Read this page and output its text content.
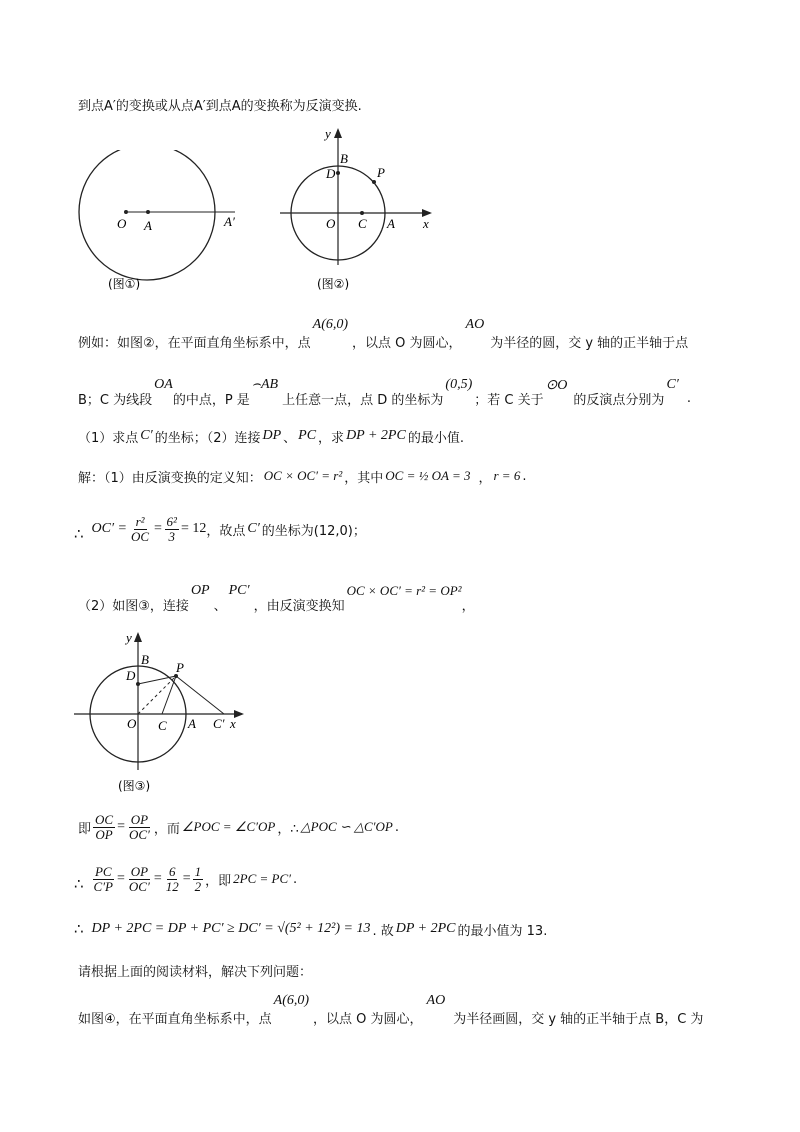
到点A′的变换或从点A′到点A的变换称为反演变换.
O A	A′
(图①)
y
B
D	P
O C A x
(图②)
例如：如图②，在平面直角坐标系中，点
A(6,0)
，以点 O 为圆心，
AO
为半径的圆，交 y 轴的正半轴于点
B；C 为线段
OA
的中点，P 是
⌢AB
上任意一点，点 D 的坐标为
(0,5)
；若 C 关于
⊙O
的反演点分别为
C′
.
（1）求点 C′ 的坐标；（2）连接 DP 、 PC ，求 DP + 2PC 的最小值.
解：（1）由反演变换的定义知： OC × OC′ = r² ，其中 OC = ½ OA = 3 ， r = 6 .
∴ $OC' = \frac{\text{r²}}{OC} = \frac{\text{6²}}{3} = 12$ ，故点 C′ 的坐标为(12,0)；
（2）如图③，连接
OP
、
PC′
，由反演变换知
OC × OC′ = r² = OP²
，
y
B
D
P
O C A C′ x
(图③)
即 $\frac{OC}{OP} = \frac{OP}{OC'}$ ，而 ∠POC = ∠C′OP ，∴ △POC ∽ △C′OP .
∴ $\frac{PC}{C'P} = \frac{OP}{OC'} = \frac{6}{12} = \frac{1}{2}$ ，即 2PC = PC′ .
∴ DP + 2PC = DP + PC′ ≥ DC′ = √(5² + 12²) = 13 . 故 DP + 2PC 的最小值为 13.
请根据上面的阅读材料，解决下列问题：
如图④，在平面直角坐标系中，点
A(6,0)
，以点 O 为圆心，
AO
为半径画圆，交 y 轴的正半轴于点 B，C 为
